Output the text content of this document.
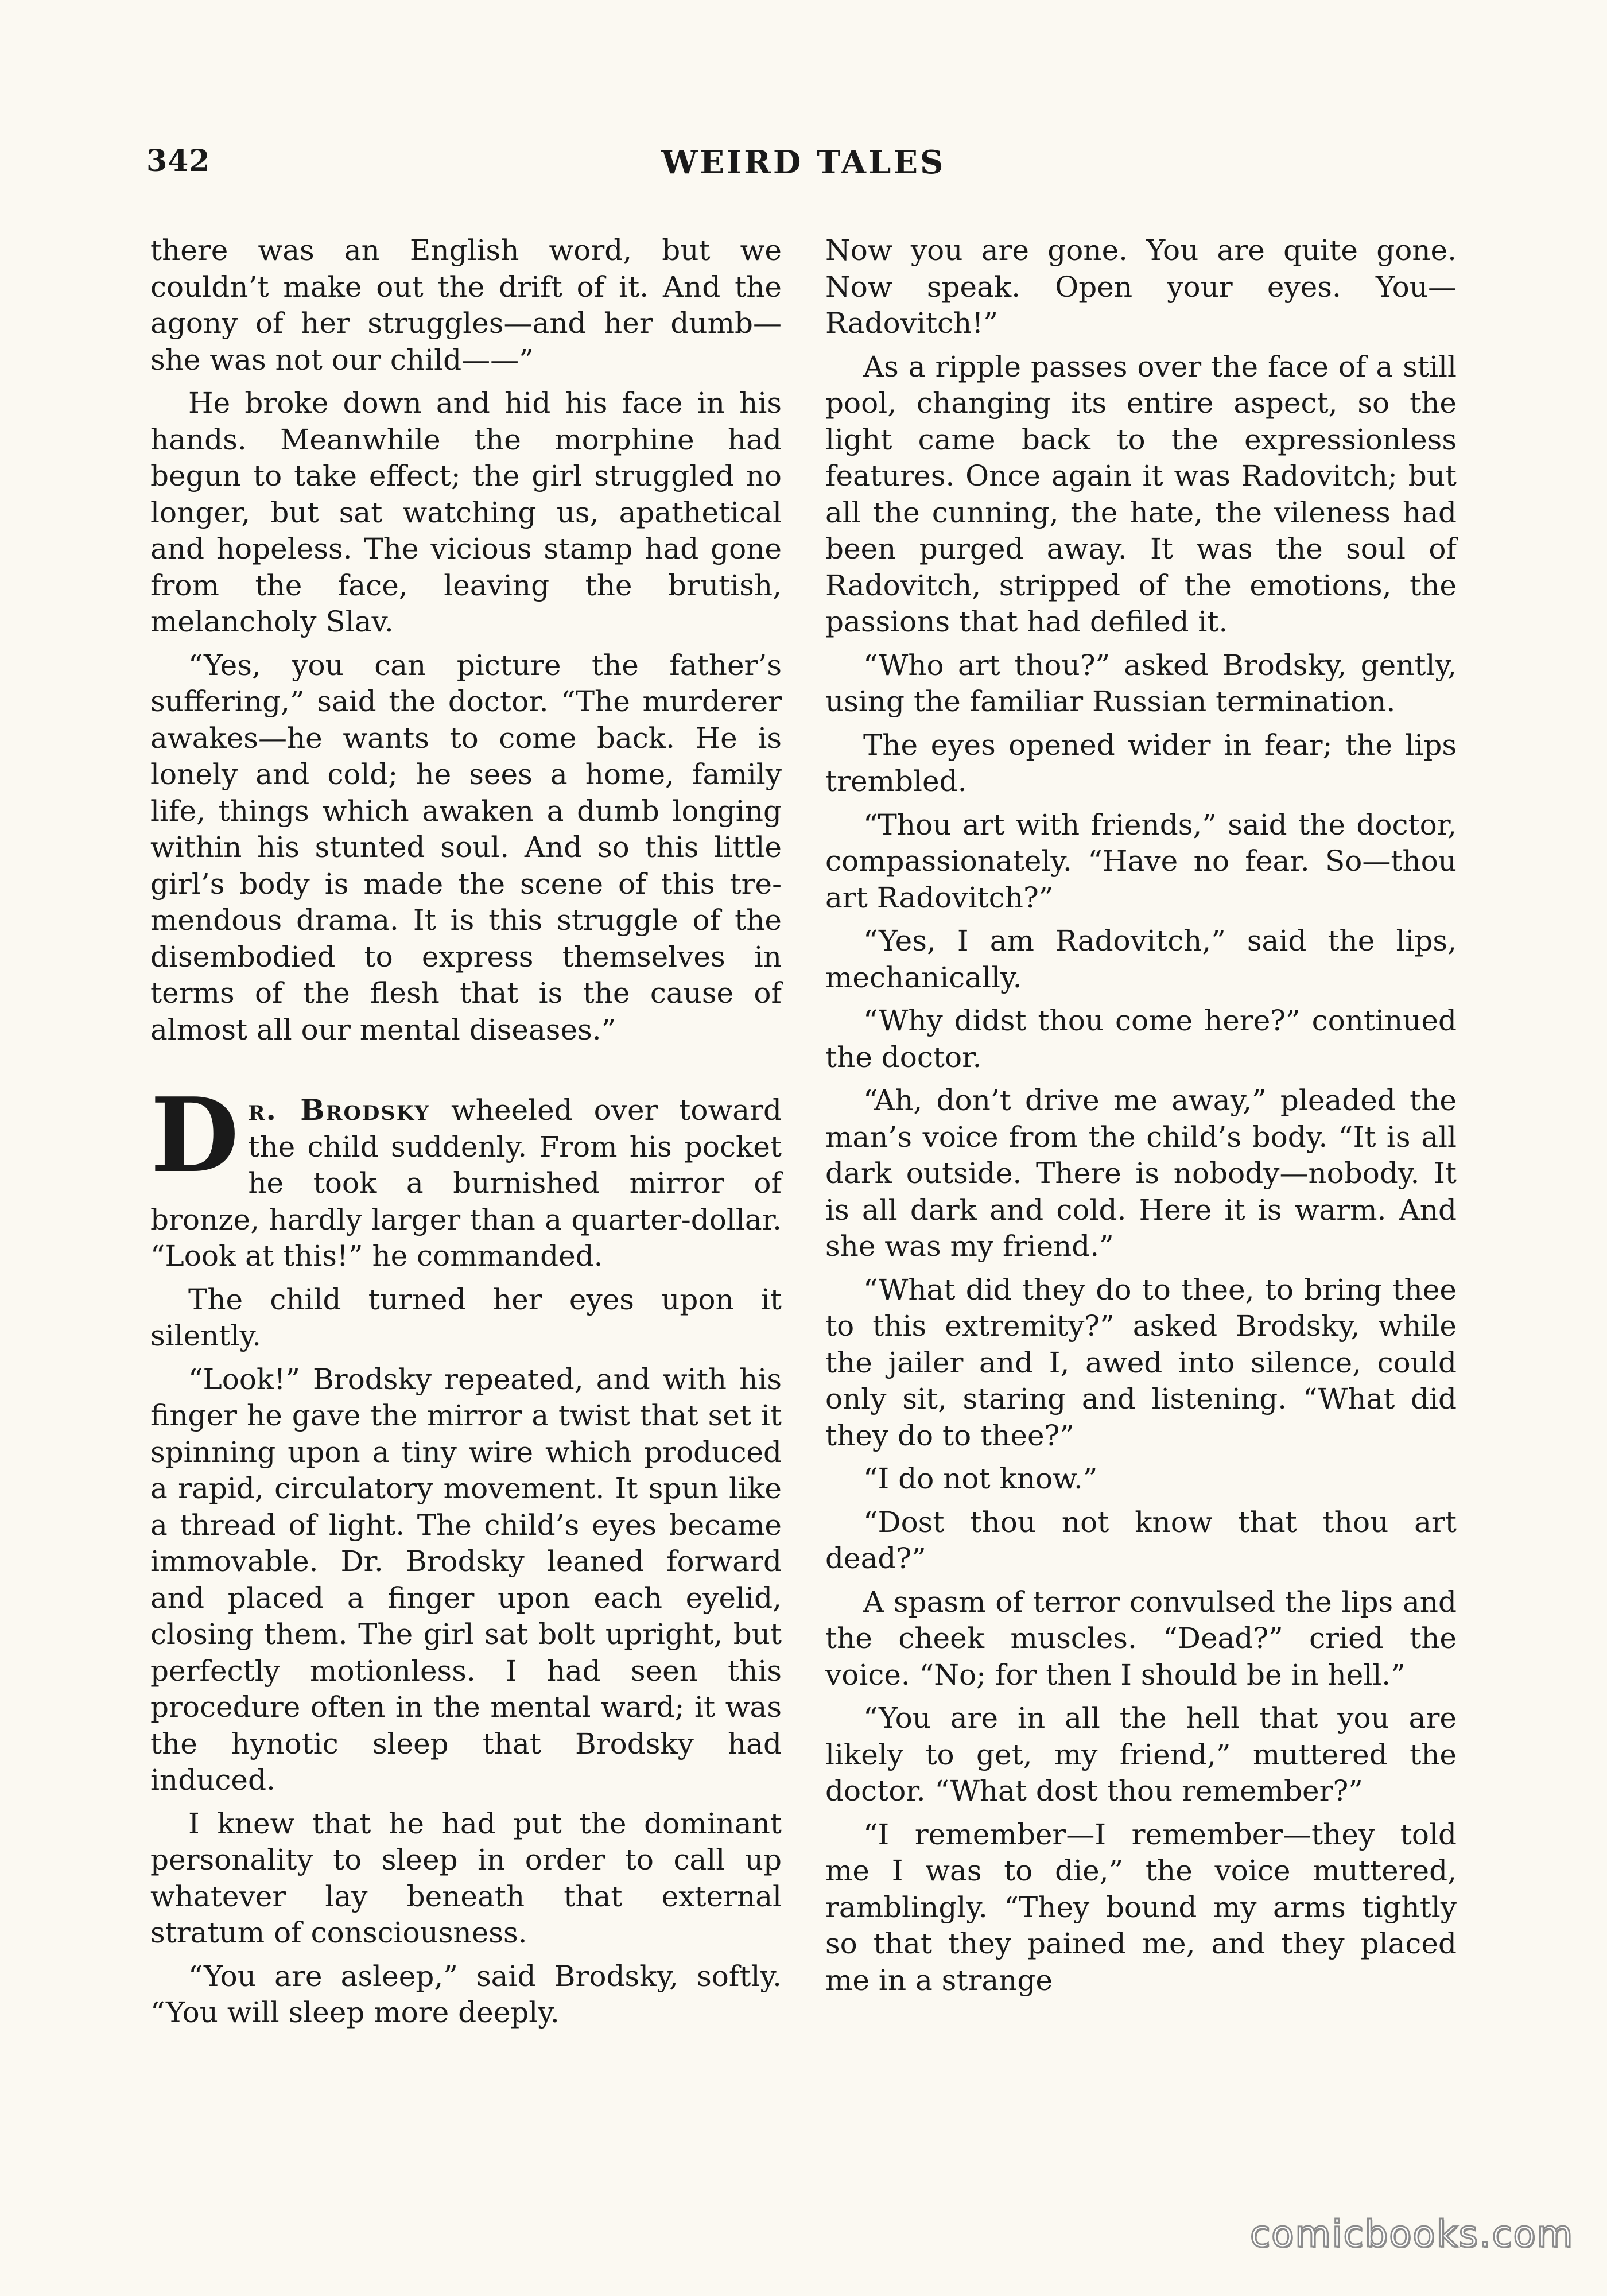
342	WEIRD TALES

there was an English word, but we couldn’t make out the drift of it. And the agony of her struggles—and her dumb—she was not our child——”

He broke down and hid his face in his hands. Meanwhile the morphine had begun to take effect; the girl struggled no longer, but sat watching us, apathetical and hopeless. The vicious stamp had gone from the face, leaving the brutish, melancholy Slav.

“Yes, you can picture the father’s suffering,” said the doctor. “The murderer awakes—he wants to come back. He is lonely and cold; he sees a home, family life, things which awaken a dumb longing within his stunted soul. And so this little girl’s body is made the scene of this tremendous drama. It is this struggle of the disembodied to express themselves in terms of the flesh that is the cause of almost all our mental diseases.”

Dr. Brodsky wheeled over toward the child suddenly. From his pocket he took a burnished mirror of bronze, hardly larger than a quarter-dollar. “Look at this!” he commanded.

The child turned her eyes upon it silently.

“Look!” Brodsky repeated, and with his finger he gave the mirror a twist that set it spinning upon a tiny wire which produced a rapid, circulatory movement. It spun like a thread of light. The child’s eyes became immovable. Dr. Brodsky leaned forward and placed a finger upon each eyelid, closing them. The girl sat bolt upright, but perfectly motionless. I had seen this procedure often in the mental ward; it was the hynotic sleep that Brodsky had induced.

I knew that he had put the dominant personality to sleep in order to call up whatever lay beneath that external stratum of consciousness.

“You are asleep,” said Brodsky, softly. “You will sleep more deeply.

Now you are gone. You are quite gone. Now speak. Open your eyes. You—Radovitch!”

As a ripple passes over the face of a still pool, changing its entire aspect, so the light came back to the expressionless features. Once again it was Radovitch; but all the cunning, the hate, the vileness had been purged away. It was the soul of Radovitch, stripped of the emotions, the passions that had defiled it.

“Who art thou?” asked Brodsky, gently, using the familiar Russian termination.

The eyes opened wider in fear; the lips trembled.

“Thou art with friends,” said the doctor, compassionately. “Have no fear. So—thou art Radovitch?”

“Yes, I am Radovitch,” said the lips, mechanically.

“Why didst thou come here?” continued the doctor.

“Ah, don’t drive me away,” pleaded the man’s voice from the child’s body. “It is all dark outside. There is nobody—nobody. It is all dark and cold. Here it is warm. And she was my friend.”

“What did they do to thee, to bring thee to this extremity?” asked Brodsky, while the jailer and I, awed into silence, could only sit, staring and listening. “What did they do to thee?”

“I do not know.”

“Dost thou not know that thou art dead?”

A spasm of terror convulsed the lips and the cheek muscles. “Dead?” cried the voice. “No; for then I should be in hell.”

“You are in all the hell that you are likely to get, my friend,” muttered the doctor. “What dost thou remember?”

“I remember—I remember—they told me I was to die,” the voice muttered, ramblingly. “They bound my arms tightly so that they pained me, and they placed me in a strange

comicbooks.com
